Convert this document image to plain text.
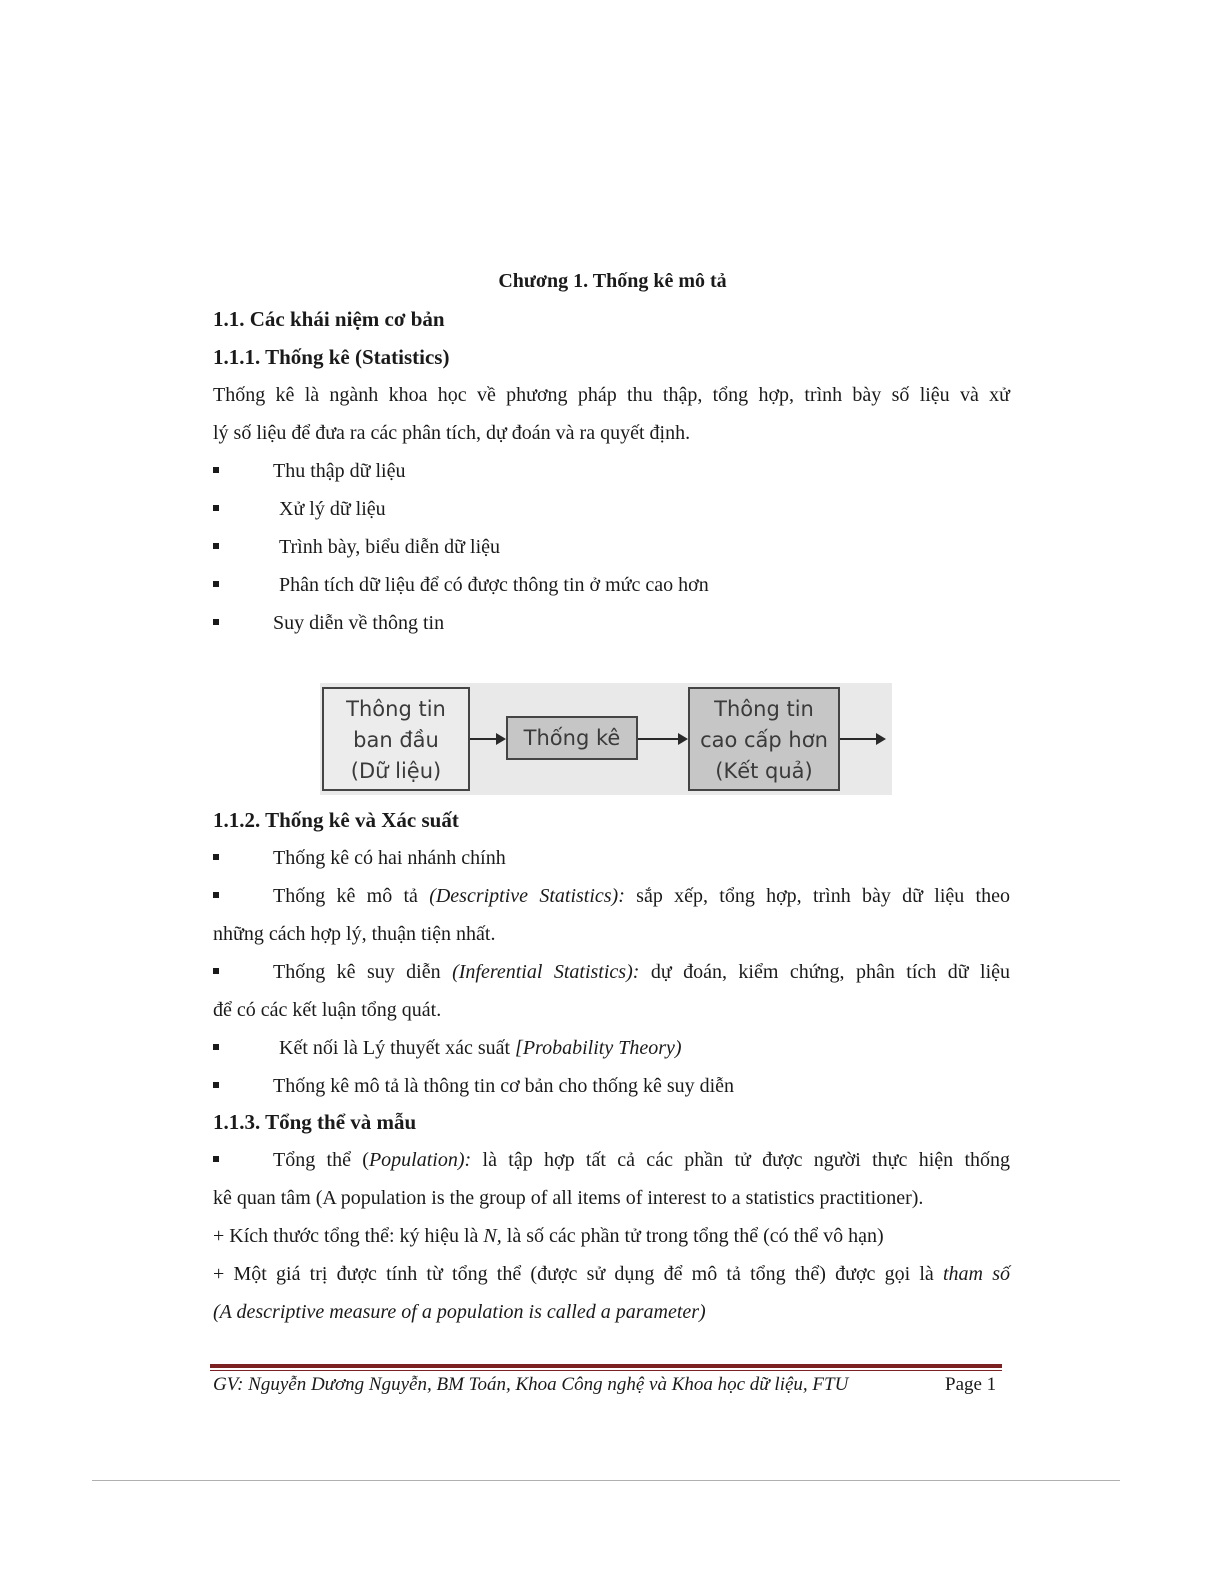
Chương 1. Thống kê mô tả
1.1. Các khái niệm cơ bản
1.1.1. Thống kê (Statistics)
Thống kê là ngành khoa học về phương pháp thu thập, tổng hợp, trình bày số liệu và xử
lý số liệu để đưa ra các phân tích, dự đoán và ra quyết định.
Thu thập dữ liệu
Xử lý dữ liệu
Trình bày, biểu diễn dữ liệu
Phân tích dữ liệu để có được thông tin ở mức cao hơn
Suy diễn về thông tin
Thông tin
ban đầu
(Dữ liệu)
Thống kê
Thông tin
cao cấp hơn
(Kết quả)
1.1.2. Thống kê và Xác suất
Thống kê có hai nhánh chính
Thống kê mô tả (Descriptive Statistics): sắp xếp, tổng hợp, trình bày dữ liệu theo
những cách hợp lý, thuận tiện nhất.
Thống kê suy diễn (Inferential Statistics): dự đoán, kiểm chứng, phân tích dữ liệu
để có các kết luận tổng quát.
Kết nối là Lý thuyết xác suất [Probability Theory)
Thống kê mô tả là thông tin cơ bản cho thống kê suy diễn
1.1.3. Tổng thể và mẫu
Tổng thể (Population): là tập hợp tất cả các phần tử được người thực hiện thống
kê quan tâm (A population is the group of all items of interest to a statistics practitioner).
+ Kích thước tổng thể: ký hiệu là N, là số các phần tử trong tổng thể (có thể vô hạn)
+ Một giá trị được tính từ tổng thể (được sử dụng để mô tả tổng thể) được gọi là tham số
(A descriptive measure of a population is called a parameter)
GV: Nguyễn Dương Nguyễn, BM Toán, Khoa Công nghệ và Khoa học dữ liệu, FTU	Page 1
